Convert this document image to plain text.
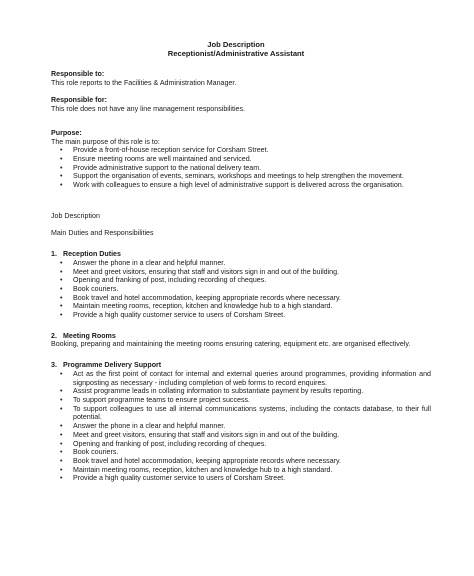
Job Description
Receptionist/Administrative Assistant
Responsible to:
This role reports to the Facilities & Administration Manager.
Responsible for:
This role does not have any line management responsibilities.
Purpose:
The main purpose of this role is to:
• Provide a front-of-house reception service for Corsham Street.
• Ensure meeting rooms are well maintained and serviced.
• Provide administrative support to the national delivery team.
• Support the organisation of events, seminars, workshops and meetings to help strengthen the movement.
• Work with colleagues to ensure a high level of administrative support is delivered across the organisation.
Job Description
Main Duties and Responsibilities
1. Reception Duties
• Answer the phone in a clear and helpful manner.
• Meet and greet visitors, ensuring that staff and visitors sign in and out of the building.
• Opening and franking of post, including recording of cheques.
• Book couriers.
• Book travel and hotel accommodation, keeping appropriate records where necessary.
• Maintain meeting rooms, reception, kitchen and knowledge hub to a high standard.
• Provide a high quality customer service to users of Corsham Street.
2. Meeting Rooms
Booking, preparing and maintaining the meeting rooms ensuring catering, equipment etc. are organised effectively.
3. Programme Delivery Support
• Act as the first point of contact for internal and external queries around programmes, providing information and signposting as necessary - including completion of web forms to record enquires.
• Assist programme leads in collating information to substantiate payment by results reporting.
• To support programme teams to ensure project success.
• To support colleagues to use all internal communications systems, including the contacts database, to their full potential.
• Answer the phone in a clear and helpful manner.
• Meet and greet visitors, ensuring that staff and visitors sign in and out of the building.
• Opening and franking of post, including recording of cheques.
• Book couriers.
• Book travel and hotel accommodation, keeping appropriate records where necessary.
• Maintain meeting rooms, reception, kitchen and knowledge hub to a high standard.
• Provide a high quality customer service to users of Corsham Street.
